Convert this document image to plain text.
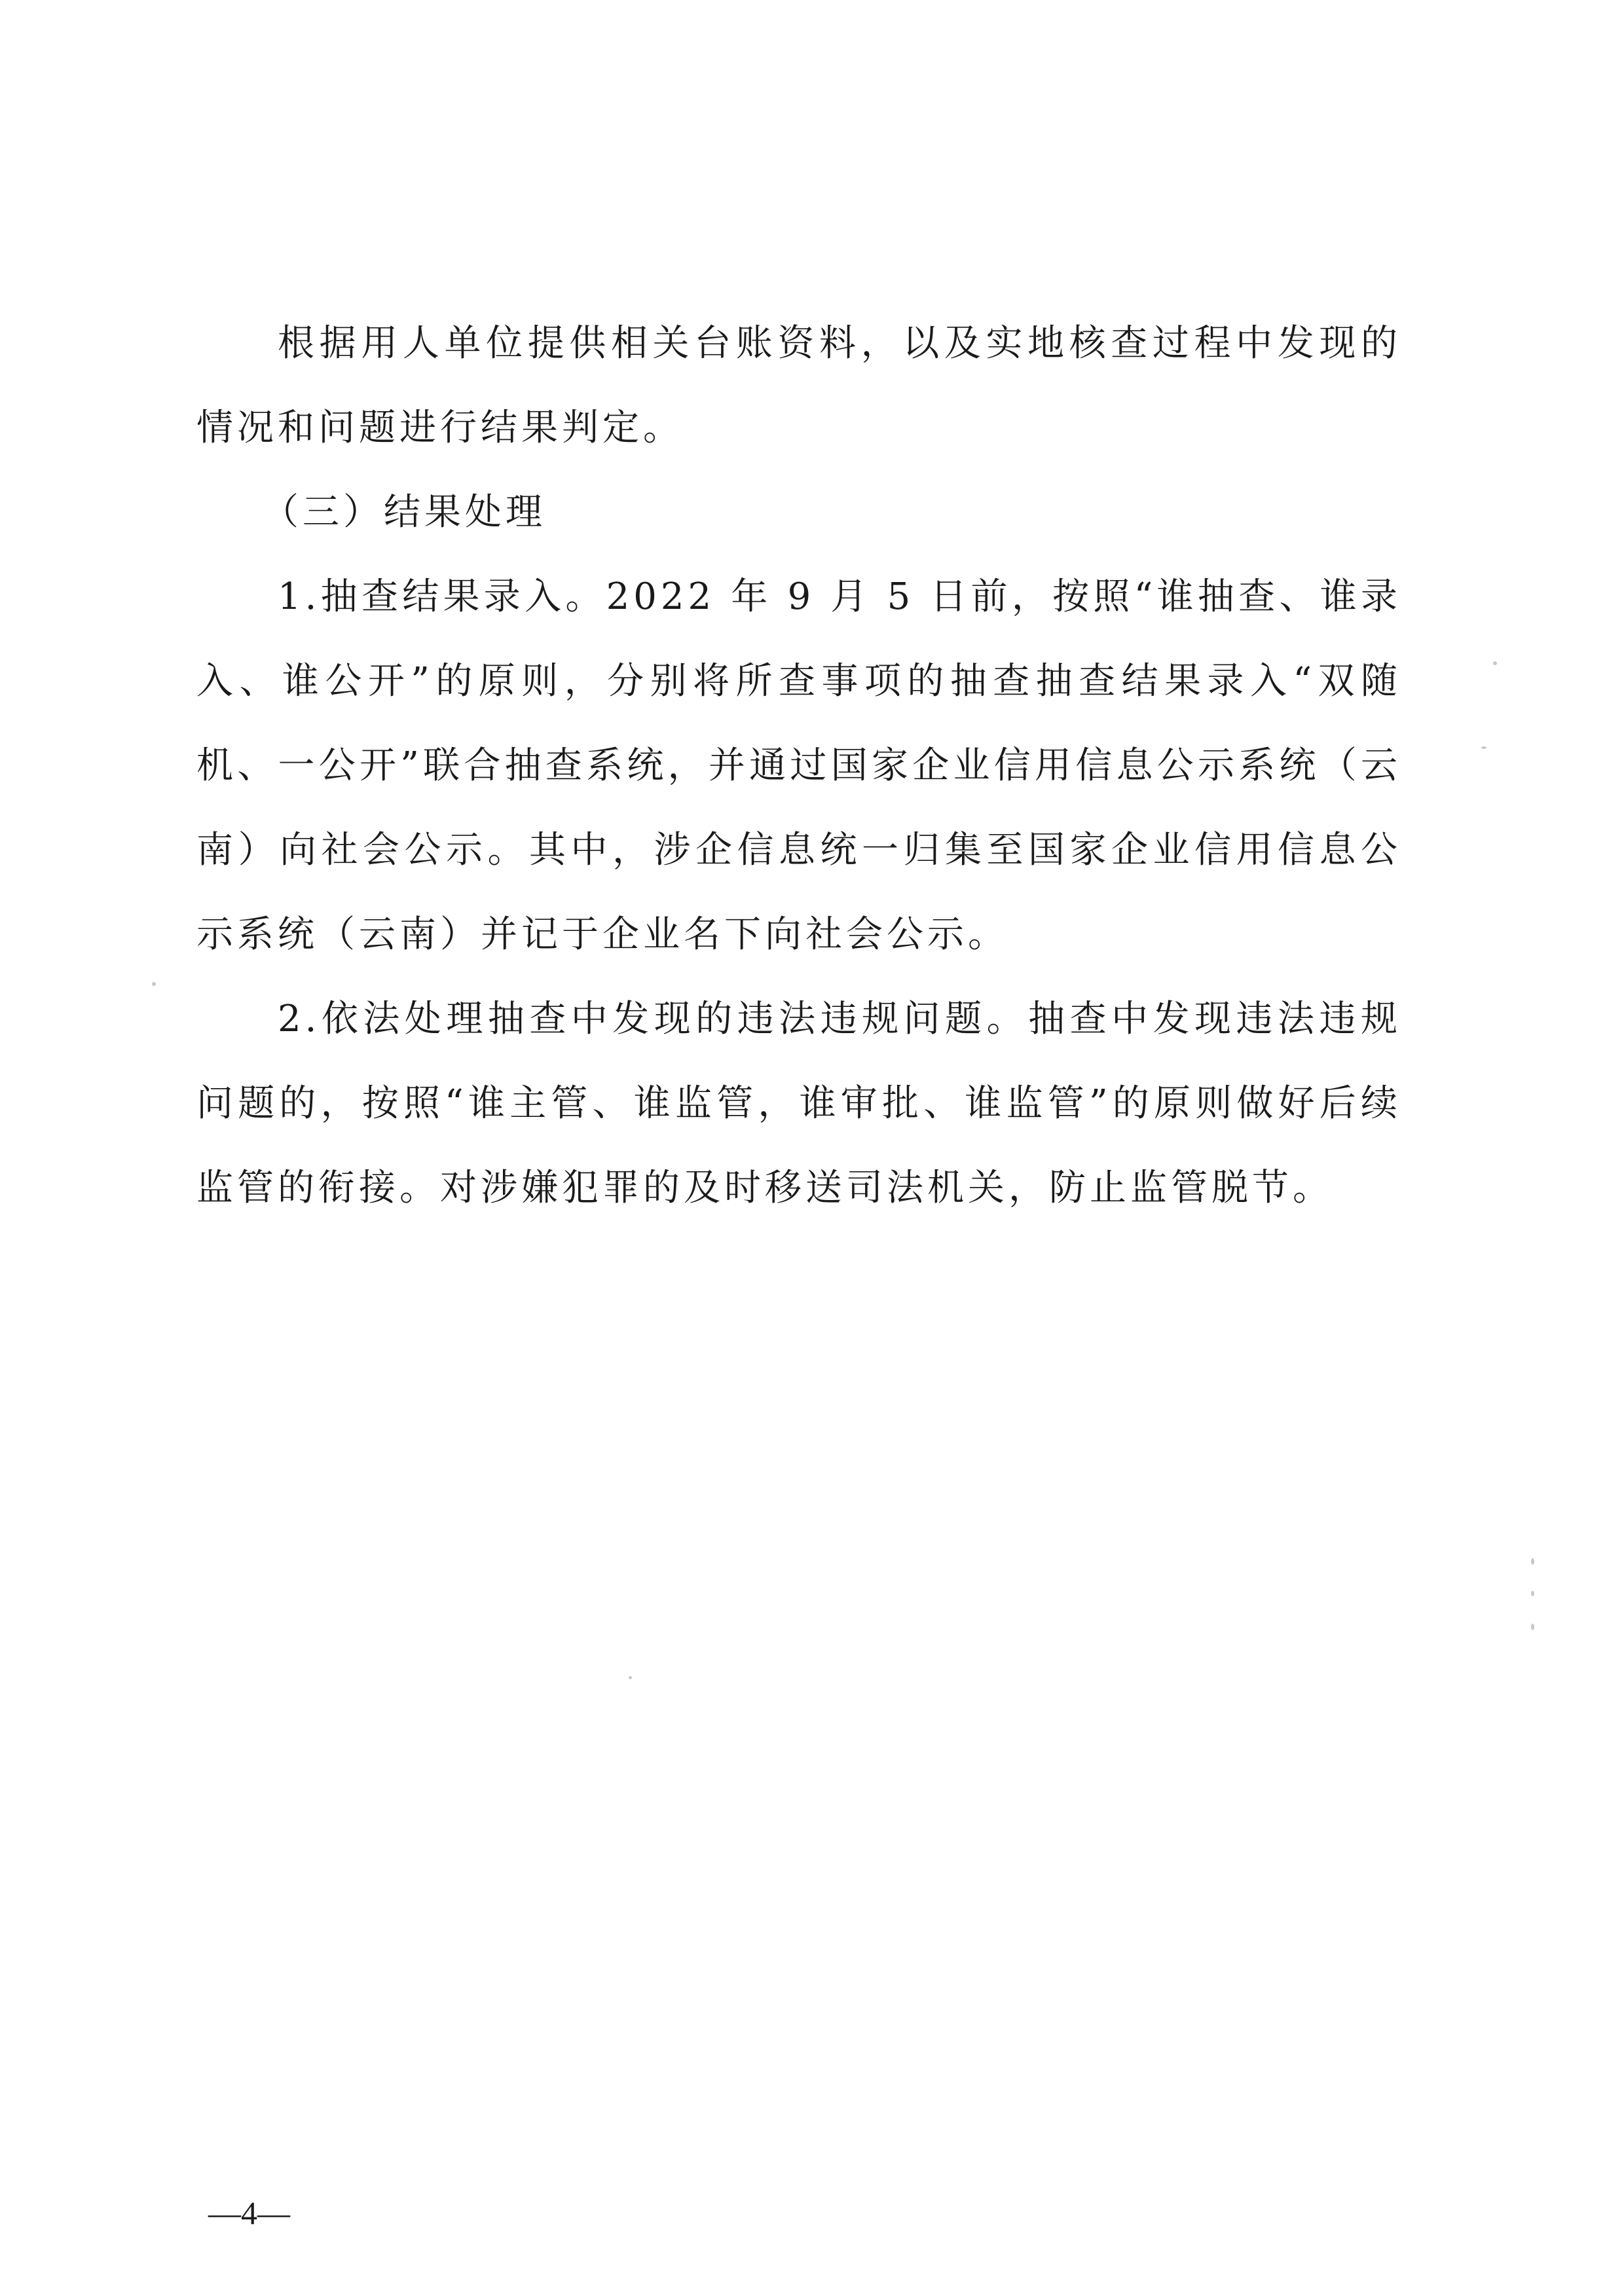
根据用人单位提供相关台账资料，以及实地核查过程中发现的情况和问题进行结果判定。

（三）结果处理

1.抽查结果录入。2022 年 9 月 5 日前，按照“谁抽查、谁录入、谁公开”的原则，分别将所查事项的抽查抽查结果录入“双随机、一公开”联合抽查系统，并通过国家企业信用信息公示系统（云南）向社会公示。其中，涉企信息统一归集至国家企业信用信息公示系统（云南）并记于企业名下向社会公示。

2.依法处理抽查中发现的违法违规问题。抽查中发现违法违规问题的，按照“谁主管、谁监管，谁审批、谁监管”的原则做好后续监管的衔接。对涉嫌犯罪的及时移送司法机关，防止监管脱节。

—4—
